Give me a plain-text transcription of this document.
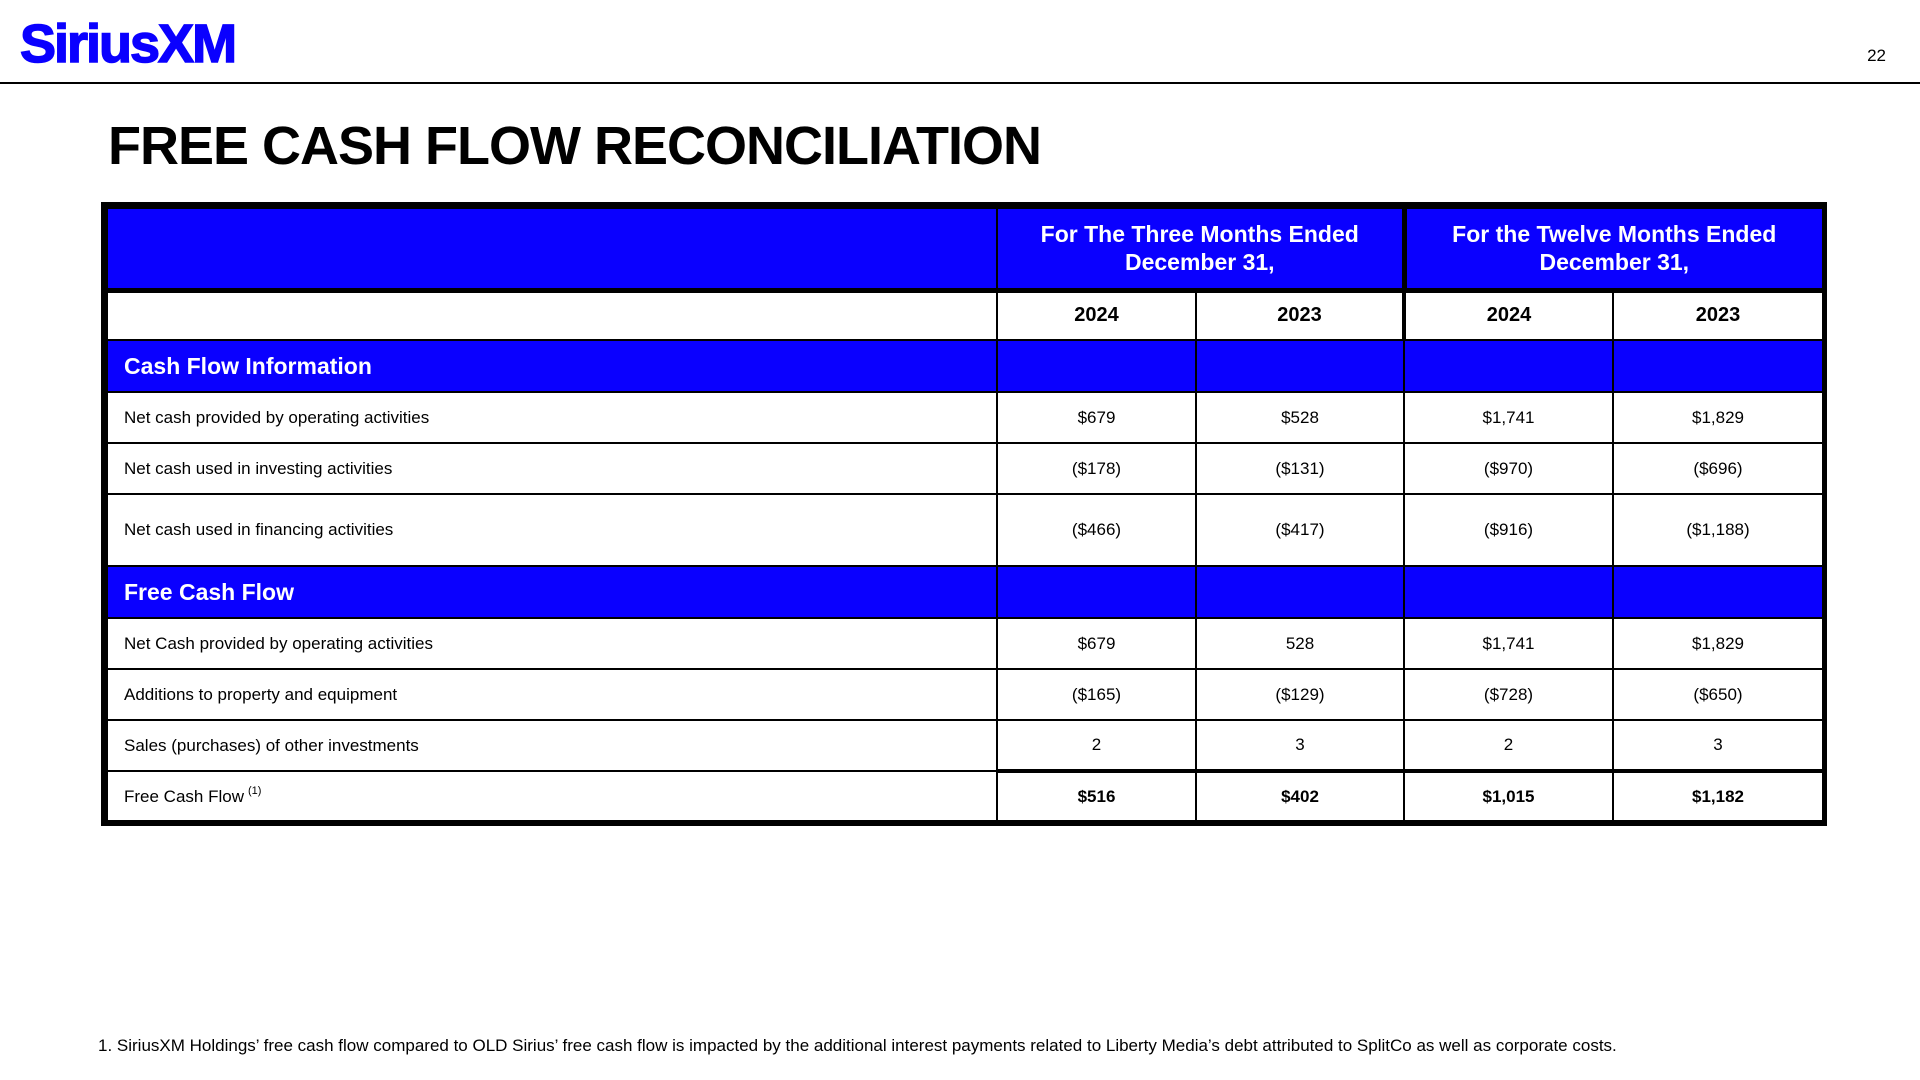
SiriusXM	22
FREE CASH FLOW RECONCILIATION
	For The Three Months Ended December 31,		For the Twelve Months Ended December 31,	
	2024	2023	2024	2023
Cash Flow Information				
Net cash provided by operating activities	$679	$528	$1,741	$1,829
Net cash used in investing activities	($178)	($131)	($970)	($696)
Net cash used in financing activities	($466)	($417)	($916)	($1,188)
Free Cash Flow				
Net Cash provided by operating activities	$679	528	$1,741	$1,829
Additions to property and equipment	($165)	($129)	($728)	($650)
Sales (purchases) of other investments	2	3	2	3
Free Cash Flow $^{(1)}$	$516	$402	$1,015	$1,182
1. SiriusXM Holdings’ free cash flow compared to OLD Sirius’ free cash flow is impacted by the additional interest payments related to Liberty Media’s debt attributed to SplitCo as well as corporate costs.
